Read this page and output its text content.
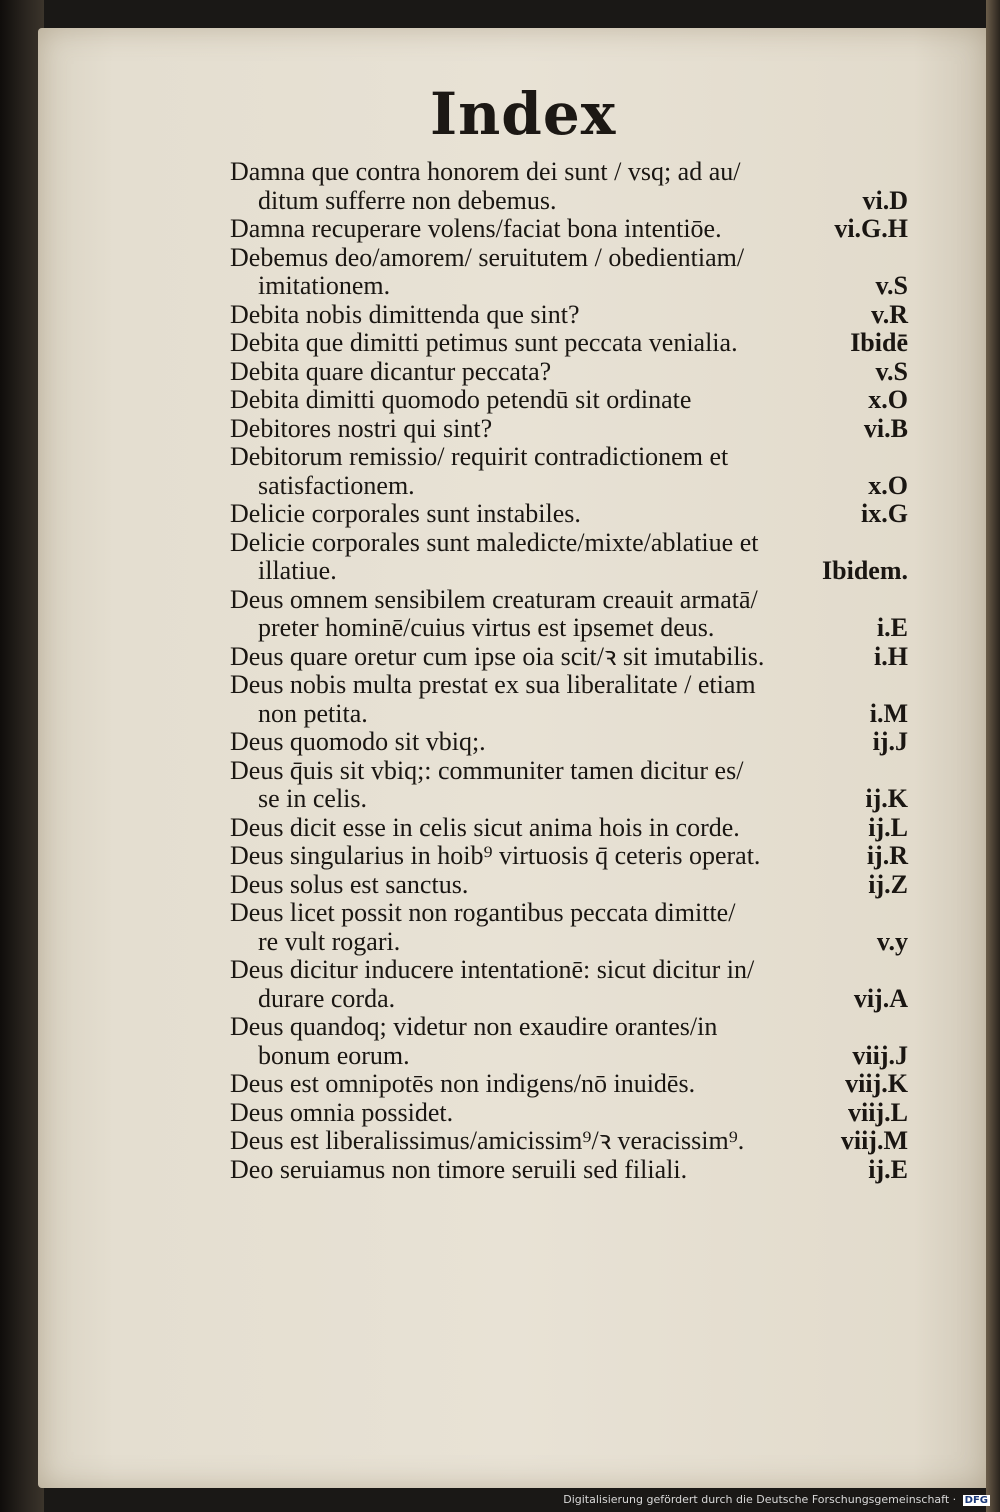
Index
Damna que contra honorem dei sunt / vsq; ad au/
ditum sufferre non debemus.	vi.D
Damna recuperare volens/faciat bona intentiōe.	vi.G.H
Debemus deo/amorem/ seruitutem / obedientiam/
imitationem.	v.S
Debita nobis dimittenda que sint?	v.R
Debita que dimitti petimus sunt peccata venialia.	Ibidē
Debita quare dicantur peccata?	v.S
Debita dimitti quomodo petendū sit ordinate	x.O
Debitores nostri qui sint?	vi.B
Debitorum remissio/ requirit contradictionem et
satisfactionem.	x.O
Delicie corporales sunt instabiles.	ix.G
Delicie corporales sunt maledicte/mixte/ablatiue et
illatiue.	Ibidem.
Deus omnem sensibilem creaturam creauit armatā/
preter hominē/cuius virtus est ipsemet deus.	i.E
Deus quare oretur cum ipse oia scit/ꝛ sit imutabilis.	i.H
Deus nobis multa prestat ex sua liberalitate / etiam
non petita.	i.M
Deus quomodo sit vbiq;.	ij.J
Deus q̄uis sit vbiq;: communiter tamen dicitur es/
se in celis.	ij.K
Deus dicit esse in celis sicut anima hois in corde.	ij.L
Deus singularius in hoib⁹ virtuosis q̄ ceteris operat.	ij.R
Deus solus est sanctus.	ij.Z
Deus licet possit non rogantibus peccata dimitte/
re vult rogari.	v.y
Deus dicitur inducere intentationē: sicut dicitur in/
durare corda.	vij.A
Deus quandoq; videtur non exaudire orantes/in
bonum eorum.	viij.J
Deus est omnipotēs non indigens/nō inuidēs.	viij.K
Deus omnia possidet.	viij.L
Deus est liberalissimus/amicissim⁹/ꝛ veracissim⁹.	viij.M
Deo seruiamus non timore seruili sed filiali.	ij.E
Digitalisierung gefördert durch die Deutsche Forschungsgemeinschaft · DFG
